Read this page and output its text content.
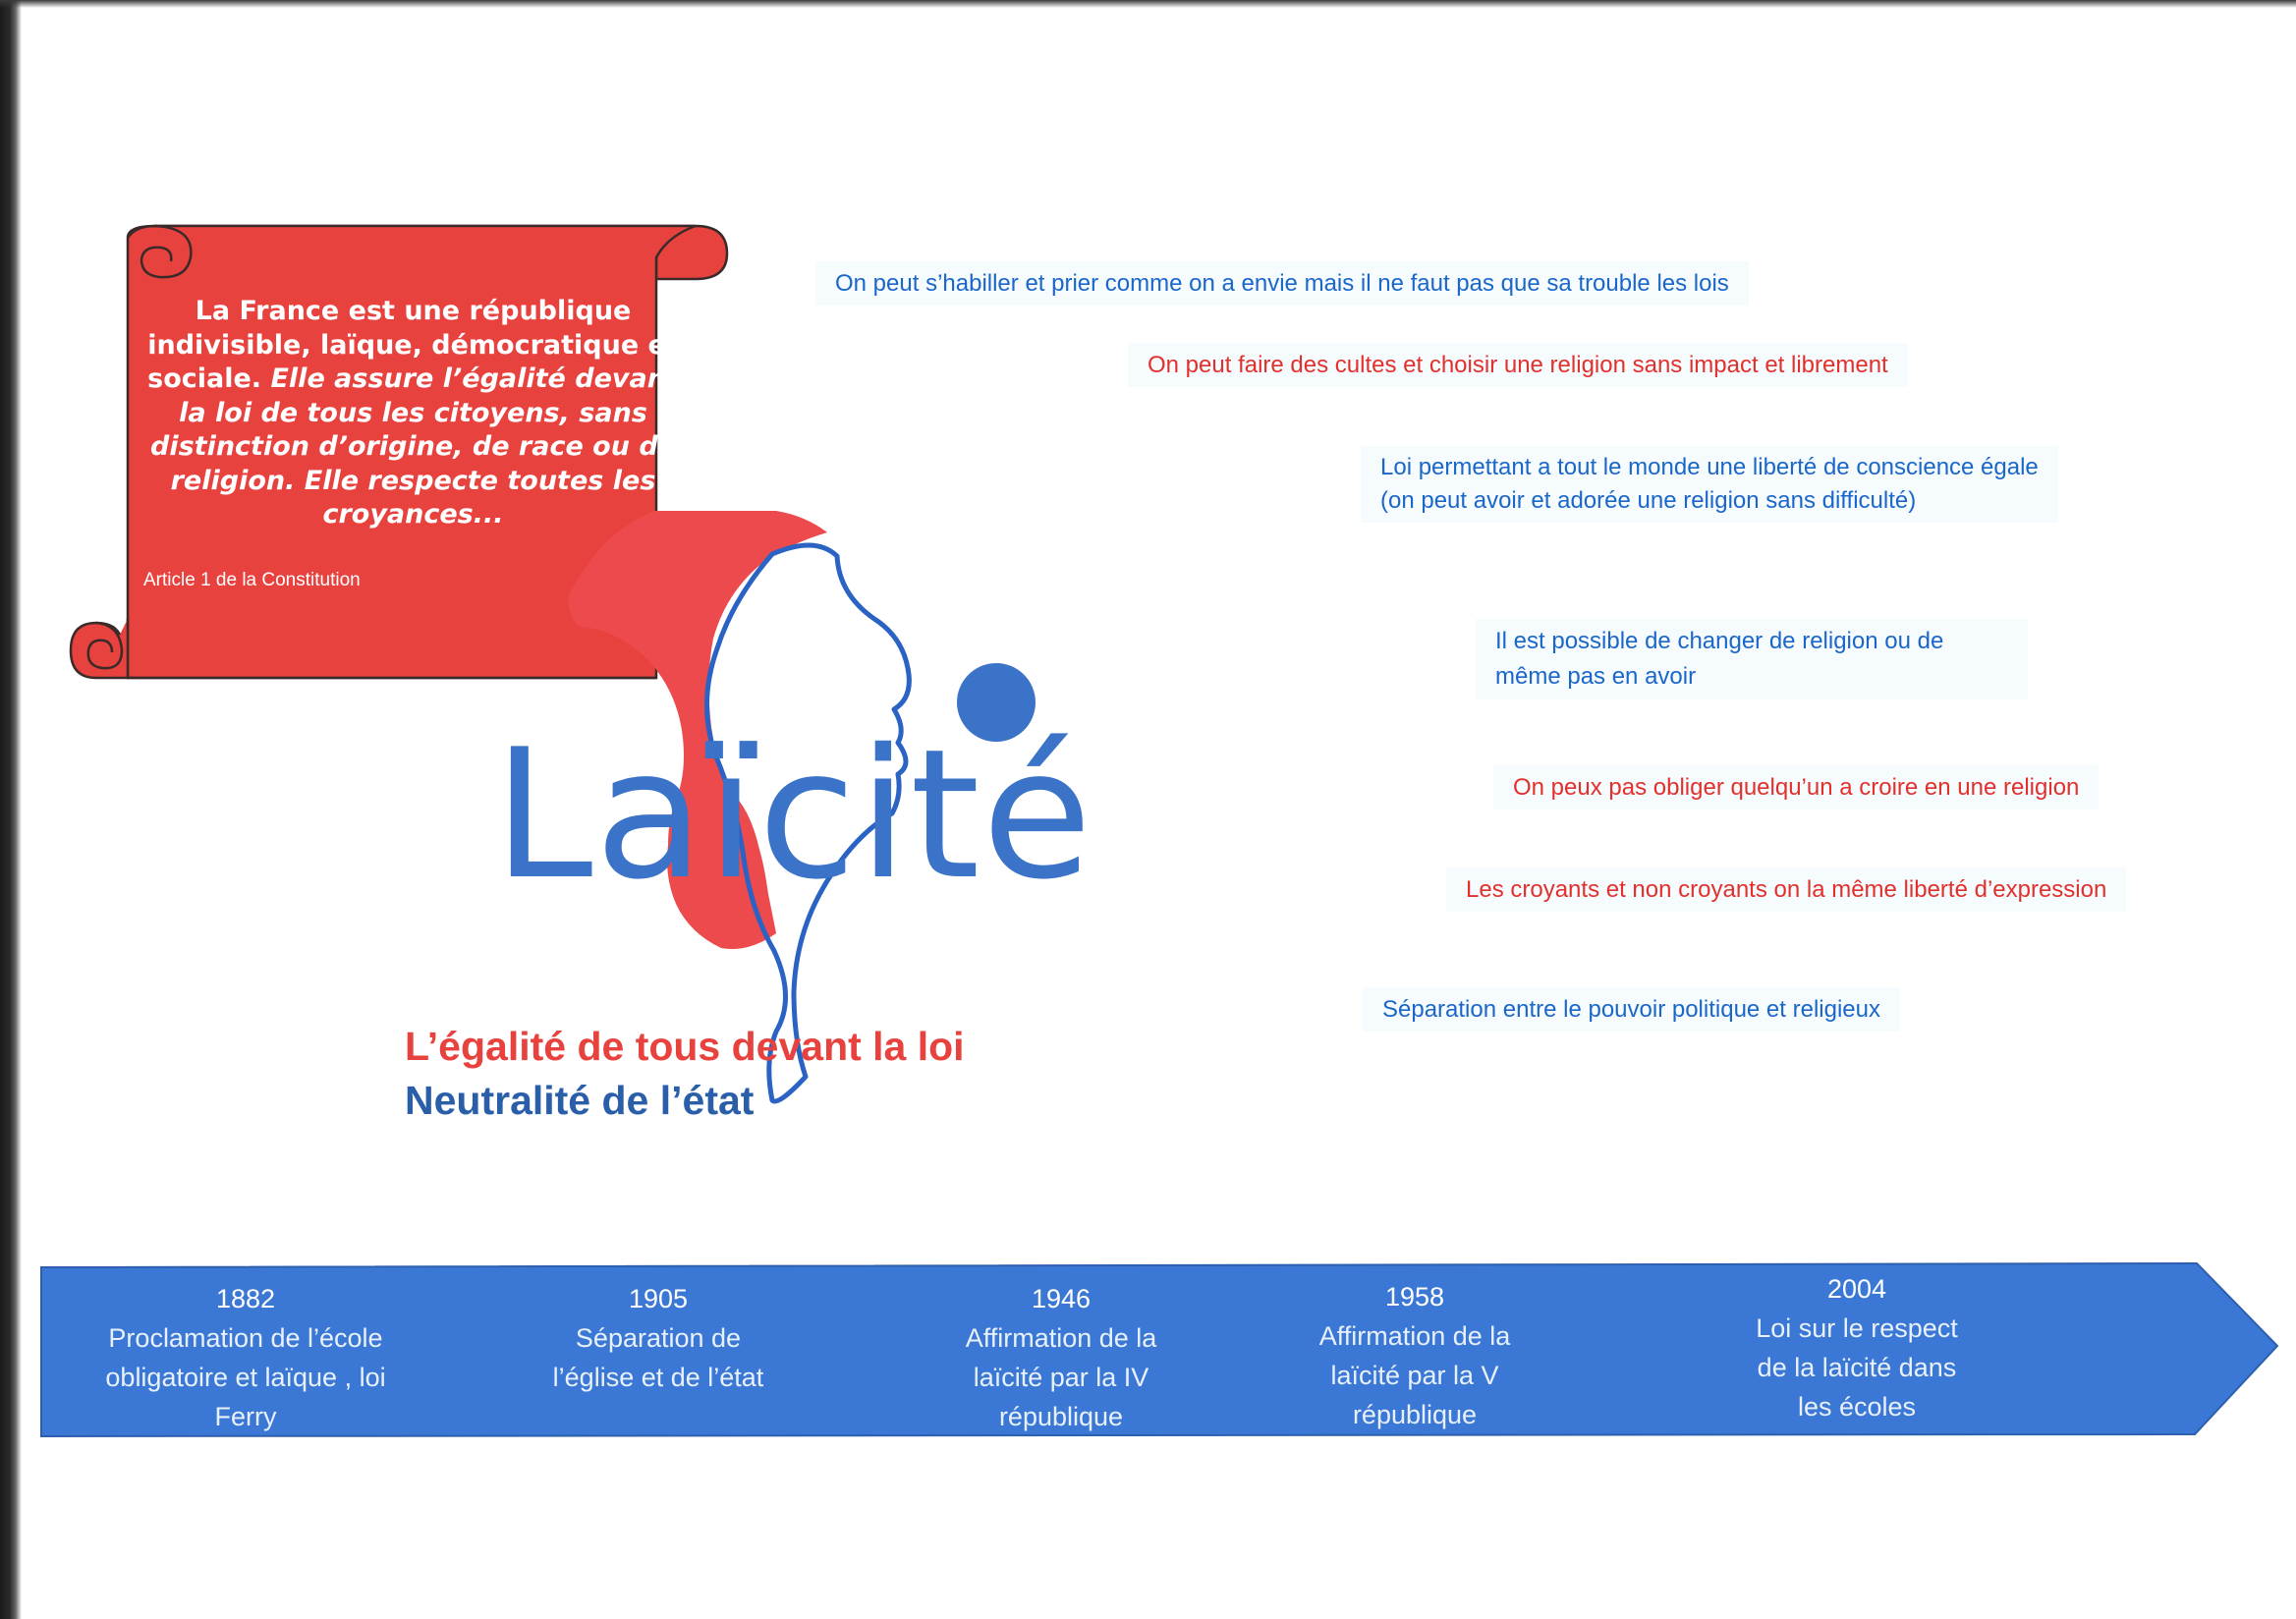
La France est une république indivisible, laïque, démocratique et sociale. Elle assure l’égalité devant la loi de tous les citoyens, sans distinction d’origine, de race ou de religion. Elle respecte toutes les croyances...
Article 1 de la Constitution
Laïcité
L’égalité de tous devant la loi
Neutralité de l’état
On peut s’habiller et prier comme on a envie mais il ne faut pas que sa trouble les lois
On peut faire des cultes et choisir une religion sans impact et librement
Loi permettant a tout le monde une liberté de conscience égale
(on peut avoir et adorée une religion sans difficulté)
Il est possible de changer de religion ou de
même pas en avoir
On peux pas obliger quelqu’un a croire en une religion
Les croyants et non croyants on la même liberté d’expression
Séparation entre le pouvoir politique et religieux
1882
Proclamation de l’école
obligatoire et laïque , loi
Ferry
1905
Séparation de
l’église et de l’état
1946
Affirmation de la
laïcité par la IV
république
1958
Affirmation de la
laïcité par la V
république
2004
Loi sur le respect
de la laïcité dans
les écoles
